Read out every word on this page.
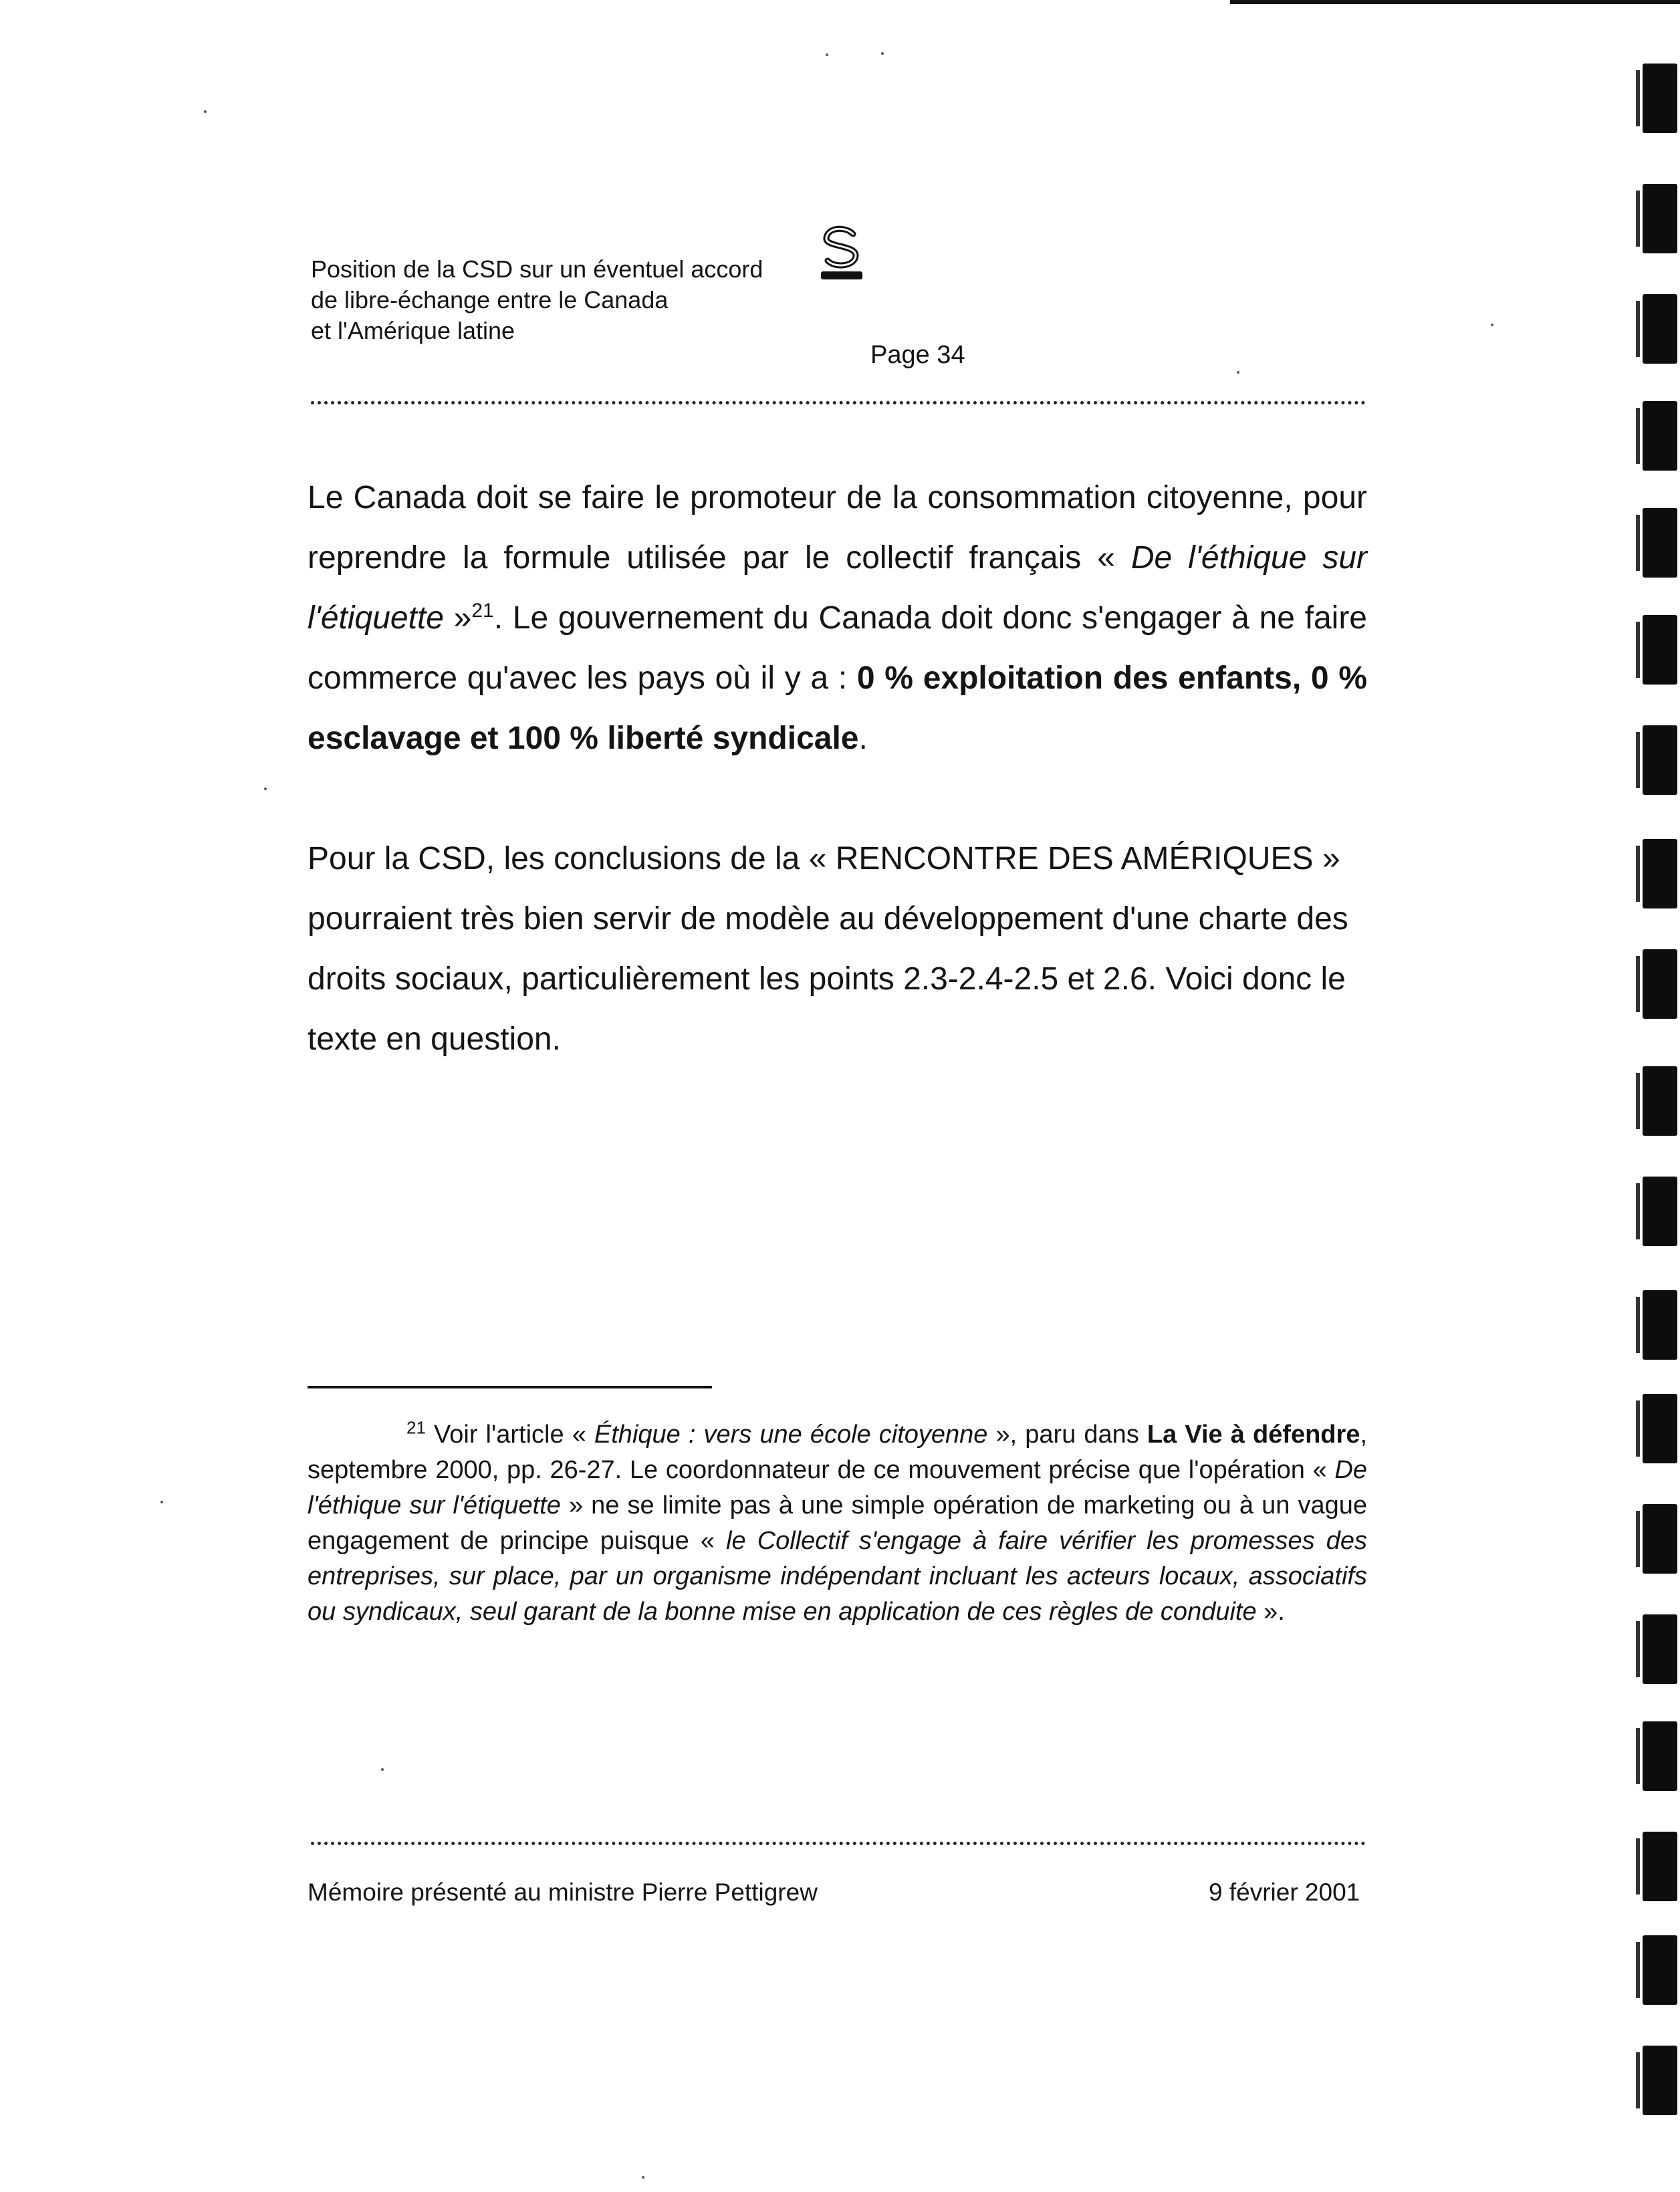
Position de la CSD sur un éventuel accord
de libre-échange entre le Canada
et l'Amérique latine
Page 34
Le Canada doit se faire le promoteur de la consommation citoyenne, pour reprendre la formule utilisée par le collectif français « De l'éthique sur l'étiquette »$^{21}$. Le gouvernement du Canada doit donc s'engager à ne faire commerce qu'avec les pays où il y a : 0 % exploitation des enfants, 0 % esclavage et 100 % liberté syndicale.
Pour la CSD, les conclusions de la « RENCONTRE DES AMÉRIQUES » pourraient très bien servir de modèle au développement d'une charte des droits sociaux, particulièrement les points 2.3-2.4-2.5 et 2.6. Voici donc le texte en question.
$^{21}$ Voir l'article « Éthique : vers une école citoyenne », paru dans La Vie à défendre, septembre 2000, pp. 26-27. Le coordonnateur de ce mouvement précise que l'opération « De l'éthique sur l'étiquette » ne se limite pas à une simple opération de marketing ou à un vague engagement de principe puisque « le Collectif s'engage à faire vérifier les promesses des entreprises, sur place, par un organisme indépendant incluant les acteurs locaux, associatifs ou syndicaux, seul garant de la bonne mise en application de ces règles de conduite ».
Mémoire présenté au ministre Pierre Pettigrew	9 février 2001
